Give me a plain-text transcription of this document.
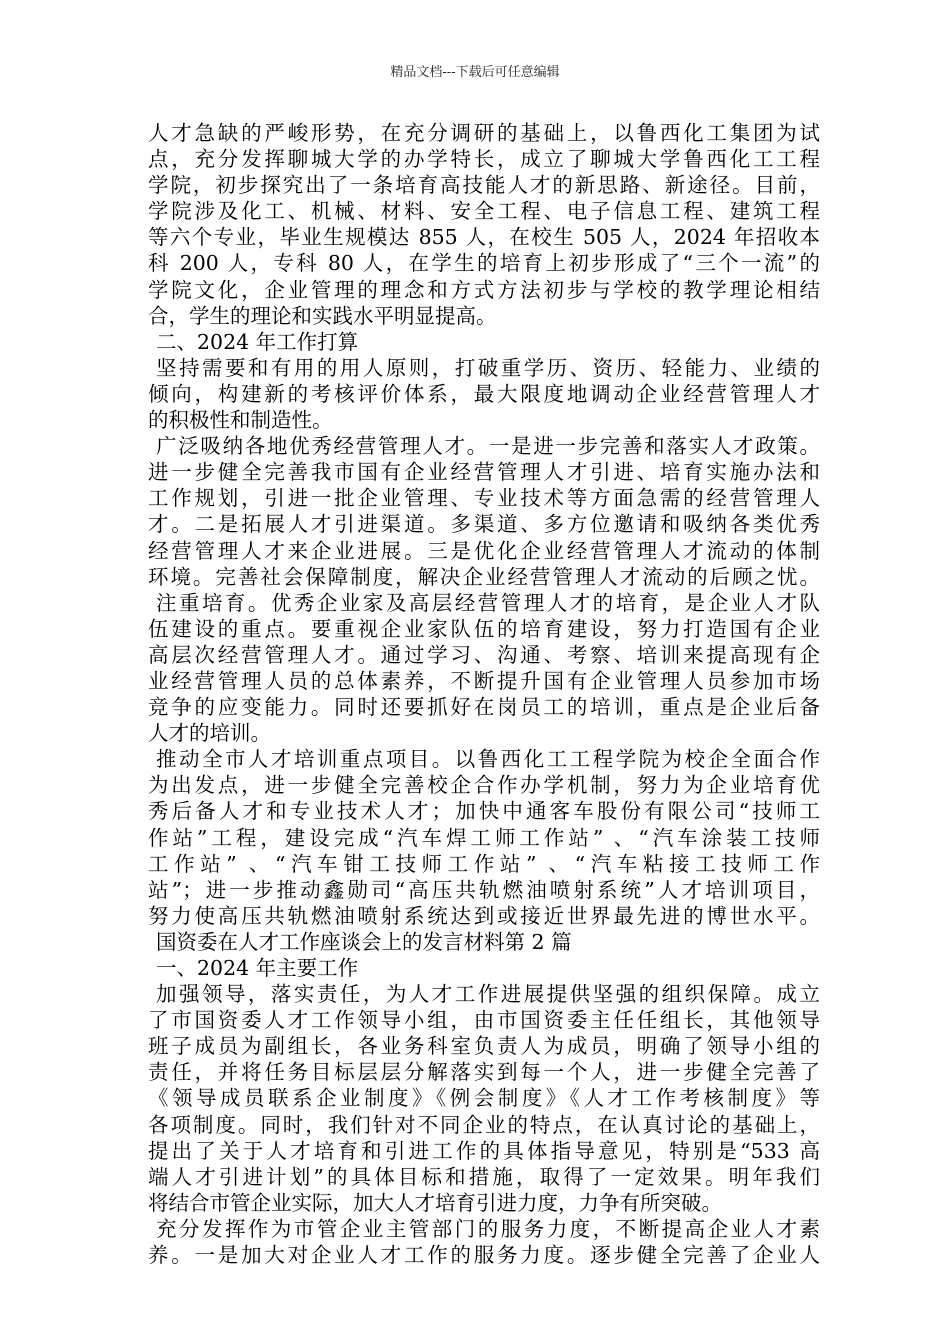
精品文档---下载后可任意编辑
人才急缺的严峻形势，在充分调研的基础上，以鲁西化工集团为试
点，充分发挥聊城大学的办学特长，成立了聊城大学鲁西化工工程
学院，初步探究出了一条培育高技能人才的新思路、新途径。目前，
学院涉及化工、机械、材料、安全工程、电子信息工程、建筑工程
等六个专业，毕业生规模达 855 人，在校生 505 人，2024 年招收本
科 200 人，专科 80 人，在学生的培育上初步形成了“三个一流”的
学院文化，企业管理的理念和方式方法初步与学校的教学理论相结
合，学生的理论和实践水平明显提高。
二、2024 年工作打算
坚持需要和有用的用人原则，打破重学历、资历、轻能力、业绩的
倾向，构建新的考核评价体系，最大限度地调动企业经营管理人才
的积极性和制造性。
广泛吸纳各地优秀经营管理人才。一是进一步完善和落实人才政策。
进一步健全完善我市国有企业经营管理人才引进、培育实施办法和
工作规划，引进一批企业管理、专业技术等方面急需的经营管理人
才。二是拓展人才引进渠道。多渠道、多方位邀请和吸纳各类优秀
经营管理人才来企业进展。三是优化企业经营管理人才流动的体制
环境。完善社会保障制度，解决企业经营管理人才流动的后顾之忧。
注重培育。优秀企业家及高层经营管理人才的培育，是企业人才队
伍建设的重点。要重视企业家队伍的培育建设，努力打造国有企业
高层次经营管理人才。通过学习、沟通、考察、培训来提高现有企
业经营管理人员的总体素养，不断提升国有企业管理人员参加市场
竞争的应变能力。同时还要抓好在岗员工的培训，重点是企业后备
人才的培训。
推动全市人才培训重点项目。以鲁西化工工程学院为校企全面合作
为出发点，进一步健全完善校企合作办学机制，努力为企业培育优
秀后备人才和专业技术人才；加快中通客车股份有限公司“技师工
作站”工程，建设完成“汽车焊工师工作站” 、“汽车涂装工技师
工作站” 、“汽车钳工技师工作站” 、“汽车粘接工技师工作
站”；进一步推动鑫勋司“高压共轨燃油喷射系统”人才培训项目，
努力使高压共轨燃油喷射系统达到或接近世界最先进的博世水平。
国资委在人才工作座谈会上的发言材料第 2 篇
一、2024 年主要工作
加强领导，落实责任，为人才工作进展提供坚强的组织保障。成立
了市国资委人才工作领导小组，由市国资委主任任组长，其他领导
班子成员为副组长，各业务科室负责人为成员，明确了领导小组的
责任，并将任务目标层层分解落实到每一个人，进一步健全完善了
《领导成员联系企业制度》《例会制度》《人才工作考核制度》等
各项制度。同时，我们针对不同企业的特点，在认真讨论的基础上，
提出了关于人才培育和引进工作的具体指导意见，特别是“533 高
端人才引进计划”的具体目标和措施，取得了一定效果。明年我们
将结合市管企业实际，加大人才培育引进力度，力争有所突破。
充分发挥作为市管企业主管部门的服务力度，不断提高企业人才素
养。一是加大对企业人才工作的服务力度。逐步健全完善了企业人
